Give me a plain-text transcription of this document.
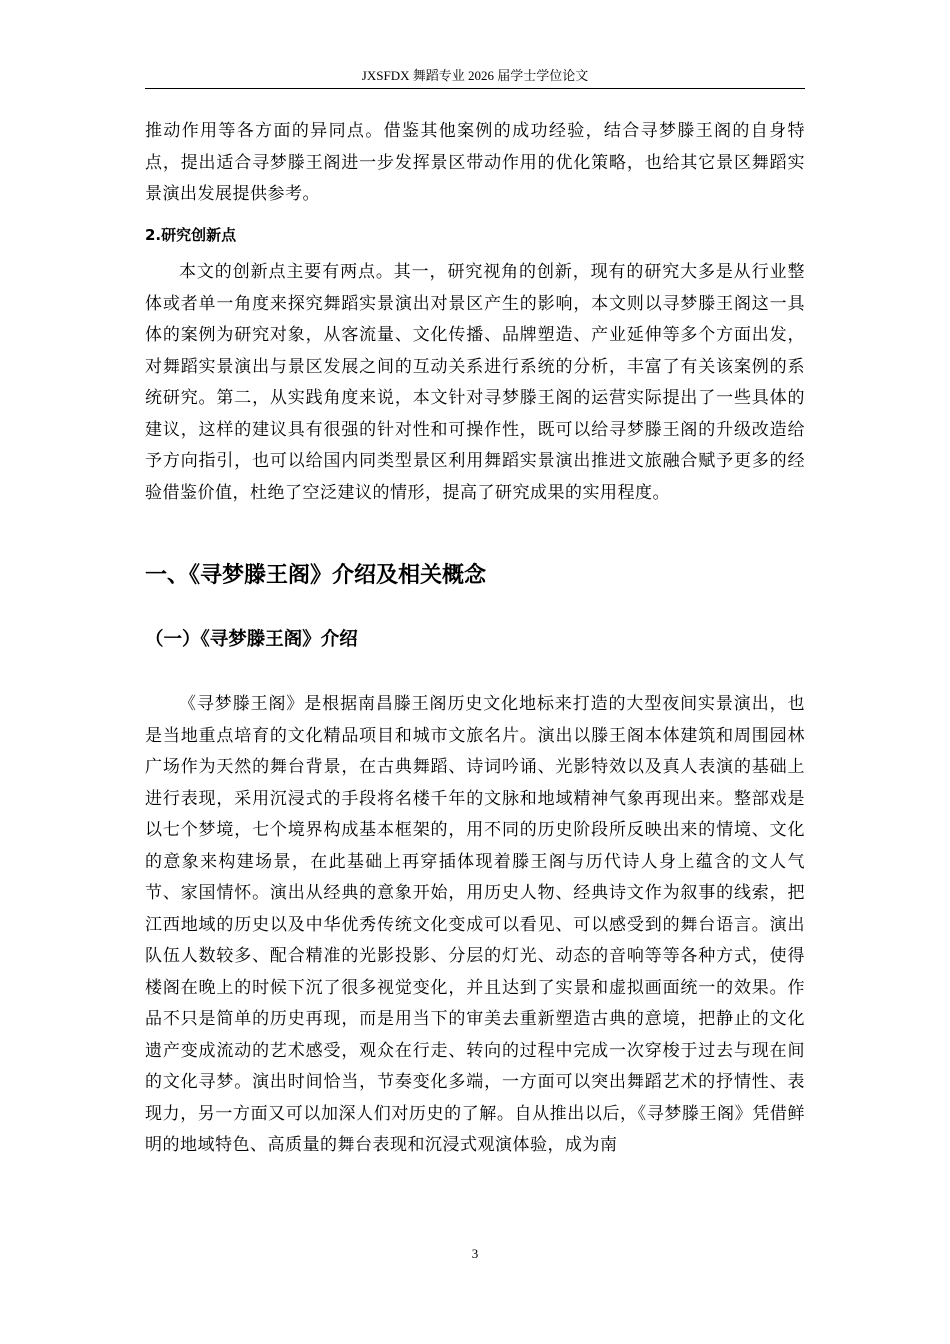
JXSFDX 舞蹈专业 2026 届学士学位论文

推动作用等各方面的异同点。借鉴其他案例的成功经验，结合寻梦滕王阁的自身特点，提出适合寻梦滕王阁进一步发挥景区带动作用的优化策略，也给其它景区舞蹈实景演出发展提供参考。

2.研究创新点

本文的创新点主要有两点。其一，研究视角的创新，现有的研究大多是从行业整体或者单一角度来探究舞蹈实景演出对景区产生的影响，本文则以寻梦滕王阁这一具体的案例为研究对象，从客流量、文化传播、品牌塑造、产业延伸等多个方面出发，对舞蹈实景演出与景区发展之间的互动关系进行系统的分析，丰富了有关该案例的系统研究。第二，从实践角度来说，本文针对寻梦滕王阁的运营实际提出了一些具体的建议，这样的建议具有很强的针对性和可操作性，既可以给寻梦滕王阁的升级改造给予方向指引，也可以给国内同类型景区利用舞蹈实景演出推进文旅融合赋予更多的经验借鉴价值，杜绝了空泛建议的情形，提高了研究成果的实用程度。

一、《寻梦滕王阁》介绍及相关概念
（一）《寻梦滕王阁》介绍

《寻梦滕王阁》是根据南昌滕王阁历史文化地标来打造的大型夜间实景演出，也是当地重点培育的文化精品项目和城市文旅名片。演出以滕王阁本体建筑和周围园林广场作为天然的舞台背景，在古典舞蹈、诗词吟诵、光影特效以及真人表演的基础上进行表现，采用沉浸式的手段将名楼千年的文脉和地域精神气象再现出来。整部戏是以七个梦境，七个境界构成基本框架的，用不同的历史阶段所反映出来的情境、文化的意象来构建场景，在此基础上再穿插体现着滕王阁与历代诗人身上蕴含的文人气节、家国情怀。演出从经典的意象开始，用历史人物、经典诗文作为叙事的线索，把江西地域的历史以及中华优秀传统文化变成可以看见、可以感受到的舞台语言。演出队伍人数较多、配合精准的光影投影、分层的灯光、动态的音响等等各种方式，使得楼阁在晚上的时候下沉了很多视觉变化，并且达到了实景和虚拟画面统一的效果。作品不只是简单的历史再现，而是用当下的审美去重新塑造古典的意境，把静止的文化遗产变成流动的艺术感受，观众在行走、转向的过程中完成一次穿梭于过去与现在间的文化寻梦。演出时间恰当，节奏变化多端，一方面可以突出舞蹈艺术的抒情性、表现力，另一方面又可以加深人们对历史的了解。自从推出以后，《寻梦滕王阁》凭借鲜明的地域特色、高质量的舞台表现和沉浸式观演体验，成为南

3
